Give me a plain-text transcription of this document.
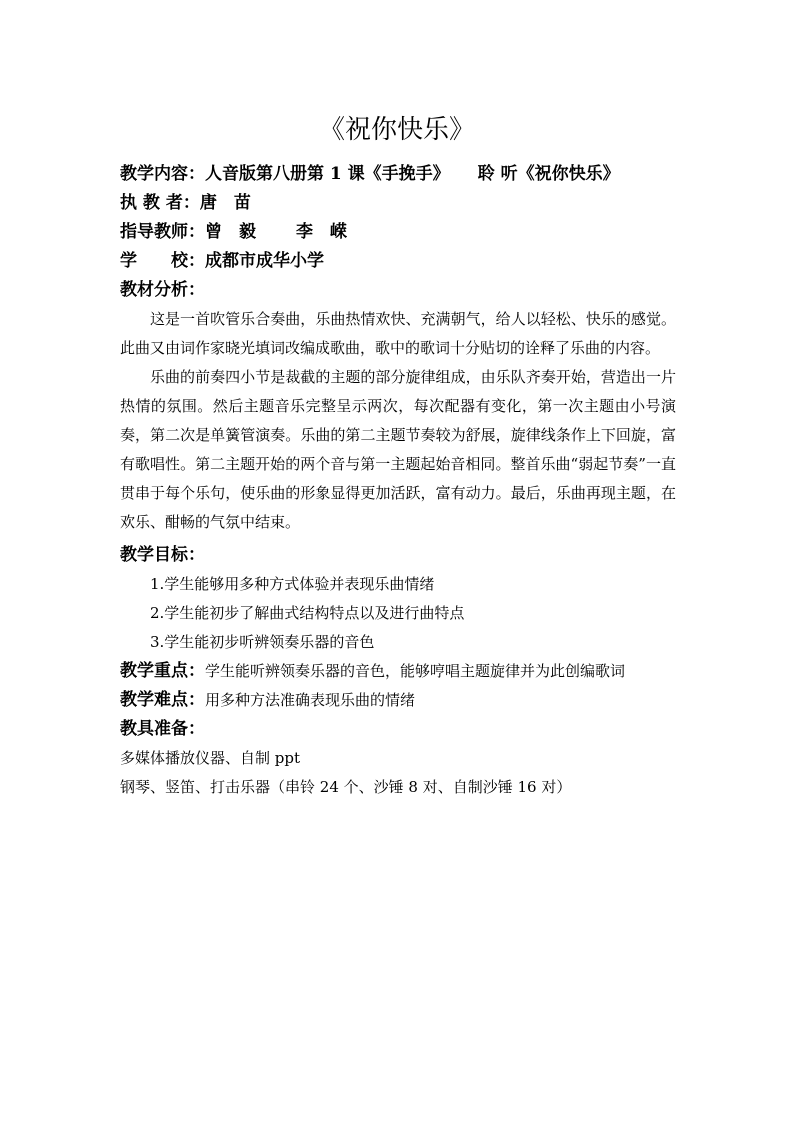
《祝你快乐》
教学内容：人音版第八册第 1 课《手挽手》 聆 听《祝你快乐》
执 教 者：唐　苗
指导教师：曾　毅 李　嵘
学　　校：成都市成华小学
教材分析：

这是一首吹管乐合奏曲，乐曲热情欢快、充满朝气，给人以轻松、快乐的感觉。此曲又由词作家晓光填词改编成歌曲，歌中的歌词十分贴切的诠释了乐曲的内容。

乐曲的前奏四小节是裁截的主题的部分旋律组成，由乐队齐奏开始，营造出一片热情的氛围。然后主题音乐完整呈示两次，每次配器有变化，第一次主题由小号演奏，第二次是单簧管演奏。乐曲的第二主题节奏较为舒展，旋律线条作上下回旋，富有歌唱性。第二主题开始的两个音与第一主题起始音相同。整首乐曲“弱起节奏”一直贯串于每个乐句，使乐曲的形象显得更加活跃，富有动力。最后，乐曲再现主题，在欢乐、酣畅的气氛中结束。

教学目标：
1.学生能够用多种方式体验并表现乐曲情绪
2.学生能初步了解曲式结构特点以及进行曲特点
3.学生能初步听辨领奏乐器的音色
教学重点：学生能听辨领奏乐器的音色，能够哼唱主题旋律并为此创编歌词
教学难点：用多种方法准确表现乐曲的情绪
教具准备：
多媒体播放仪器、自制 ppt
钢琴、竖笛、打击乐器（串铃 24 个、沙锤 8 对、自制沙锤 16 对）
